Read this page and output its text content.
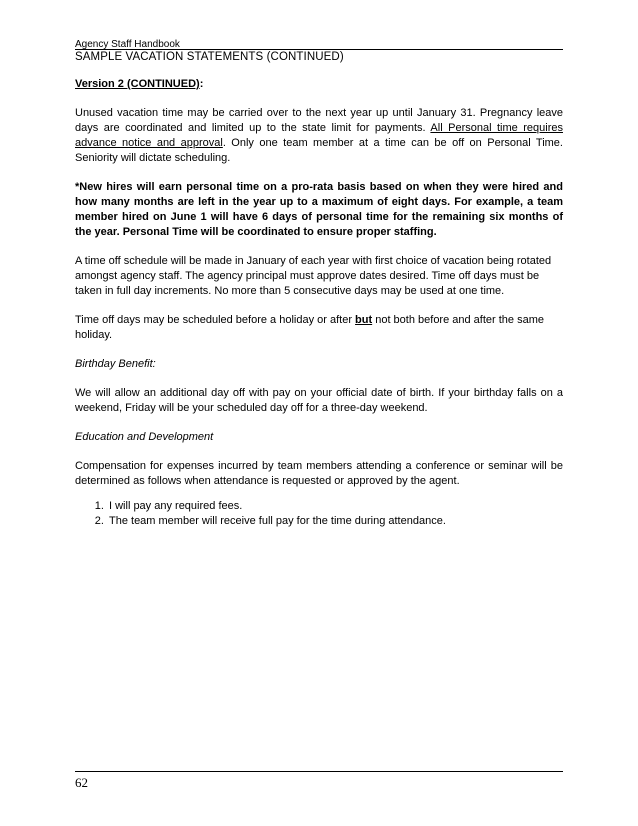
Agency Staff Handbook
SAMPLE VACATION STATEMENTS (CONTINUED)

Version 2 (CONTINUED):

Unused vacation time may be carried over to the next year up until January 31. Pregnancy leave days are coordinated and limited up to the state limit for payments. All Personal time requires advance notice and approval. Only one team member at a time can be off on Personal Time. Seniority will dictate scheduling.

*New hires will earn personal time on a pro-rata basis based on when they were hired and how many months are left in the year up to a maximum of eight days. For example, a team member hired on June 1 will have 6 days of personal time for the remaining six months of the year. Personal Time will be coordinated to ensure proper staffing.

A time off schedule will be made in January of each year with first choice of vacation being rotated amongst agency staff. The agency principal must approve dates desired. Time off days must be taken in full day increments. No more than 5 consecutive days may be used at one time.

Time off days may be scheduled before a holiday or after but not both before and after the same holiday.

Birthday Benefit:

We will allow an additional day off with pay on your official date of birth. If your birthday falls on a weekend, Friday will be your scheduled day off for a three-day weekend.

Education and Development

Compensation for expenses incurred by team members attending a conference or seminar will be determined as follows when attendance is requested or approved by the agent.

1. I will pay any required fees.
2. The team member will receive full pay for the time during attendance.
62
